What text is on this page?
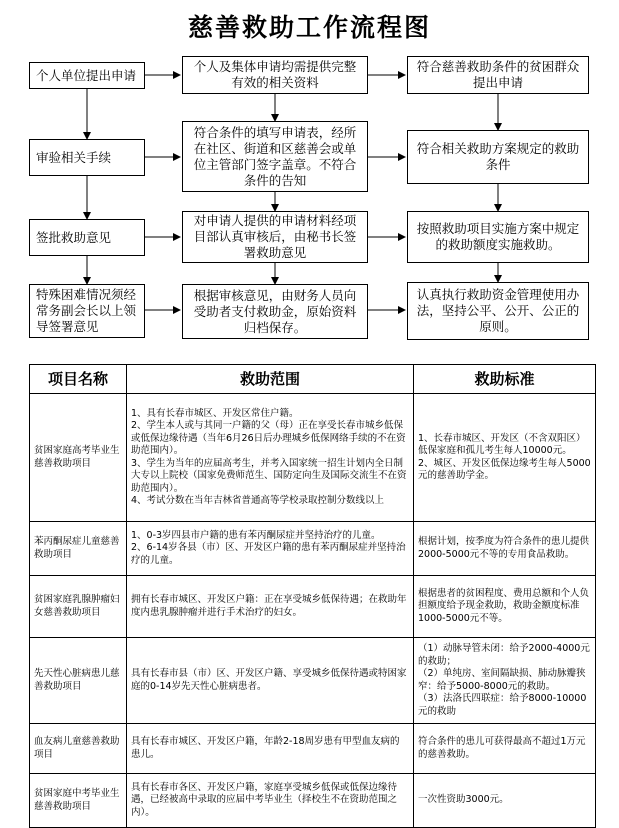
慈善救助工作流程图
个人单位提出申请
审验相关手续
签批救助意见
特殊困难情况须经常务副会长以上领导签署意见
个人及集体申请均需提供完整有效的相关资料
符合条件的填写申请表，经所在社区、街道和区慈善会或单位主管部门签字盖章。不符合条件的告知
对申请人提供的申请材料经项目部认真审核后，由秘书长签署救助意见
根据审核意见，由财务人员向受助者支付救助金，原始资料归档保存。
符合慈善救助条件的贫困群众提出申请
符合相关救助方案规定的救助条件
按照救助项目实施方案中规定的救助额度实施救助。
认真执行救助资金管理使用办法，坚持公平、公开、公正的原则。
项目名称	救助范围	救助标准
贫困家庭高考毕业生慈善救助项目	1、具有长春市城区、开发区常住户籍。
2、学生本人或与其同一户籍的父（母）正在享受长春市城乡低保或低保边缘待遇（当年6月26日后办理城乡低保网络手续的不在资助范围内）。
3、学生为当年的应届高考生，并考入国家统一招生计划内全日制大专以上院校（国家免费师范生、国防定向生及国际交流生不在资助范围内）。
4、考试分数在当年吉林省普通高等学校录取控制分数线以上	1、长春市城区、开发区（不含双阳区）低保家庭和孤儿考生每人10000元。
2、城区、开发区低保边缘考生每人5000元的慈善助学金。
苯丙酮尿症儿童慈善救助项目	1、0-3岁四县市户籍的患有苯丙酮尿症并坚持治疗的儿童。
2、6-14岁各县（市）区、开发区户籍的患有苯丙酮尿症并坚持治疗的儿童。	根据计划，按季度为符合条件的患儿提供2000-5000元不等的专用食品救助。
贫困家庭乳腺肿瘤妇女慈善救助项目	拥有长春市城区、开发区户籍：正在享受城乡低保待遇；在救助年度内患乳腺肿瘤并进行手术治疗的妇女。	根据患者的贫困程度、费用总额和个人负担额度给予现金救助，救助金额度标准1000-5000元不等。
先天性心脏病患儿慈善救助项目	具有长春市县（市）区、开发区户籍、享受城乡低保待遇或特困家庭的0-14岁先天性心脏病患者。	（1）动脉导管未闭：给予2000-4000元的救助；
（2）单纯房、室间隔缺损、肺动脉瓣狭窄：给予5000-8000元的救助。
（3）法洛氏四联症：给予8000-10000元的救助
血友病儿童慈善救助项目	具有长春市城区、开发区户籍，年龄2-18周岁患有甲型血友病的患儿。	符合条件的患儿可获得最高不超过1万元的慈善救助。
贫困家庭中考毕业生慈善救助项目	具有长春市各区、开发区户籍，家庭享受城乡低保或低保边缘待遇，已经被高中录取的应届中考毕业生（择校生不在资助范围之内）。	一次性资助3000元。
